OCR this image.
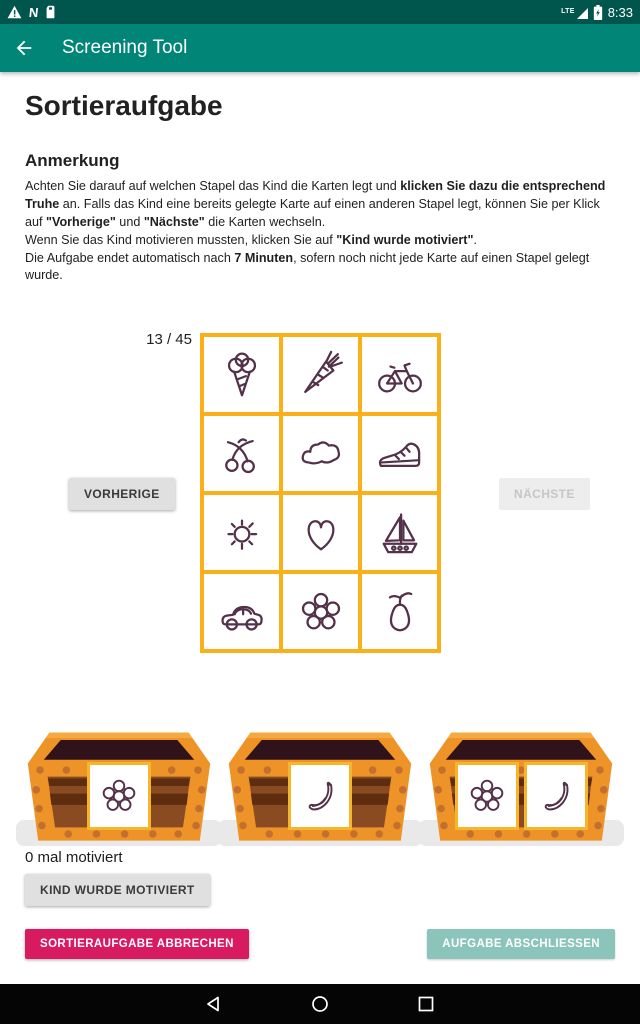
N	LTE	8:33
Screening Tool
Sortieraufgabe
Anmerkung
Achten Sie darauf auf welchen Stapel das Kind die Karten legt und klicken Sie dazu die entsprechend Truhe an. Falls das Kind eine bereits gelegte Karte auf einen anderen Stapel legt, können Sie per Klick auf "Vorherige" und "Nächste" die Karten wechseln.
Wenn Sie das Kind motivieren mussten, klicken Sie auf "Kind wurde motiviert".
Die Aufgabe endet automatisch nach 7 Minuten, sofern noch nicht jede Karte auf einen Stapel gelegt wurde.
13 / 45
VORHERIGE	NÄCHSTE
0 mal motiviert
KIND WURDE MOTIVIERT
SORTIERAUFGABE ABBRECHEN	AUFGABE ABSCHLIESSEN
